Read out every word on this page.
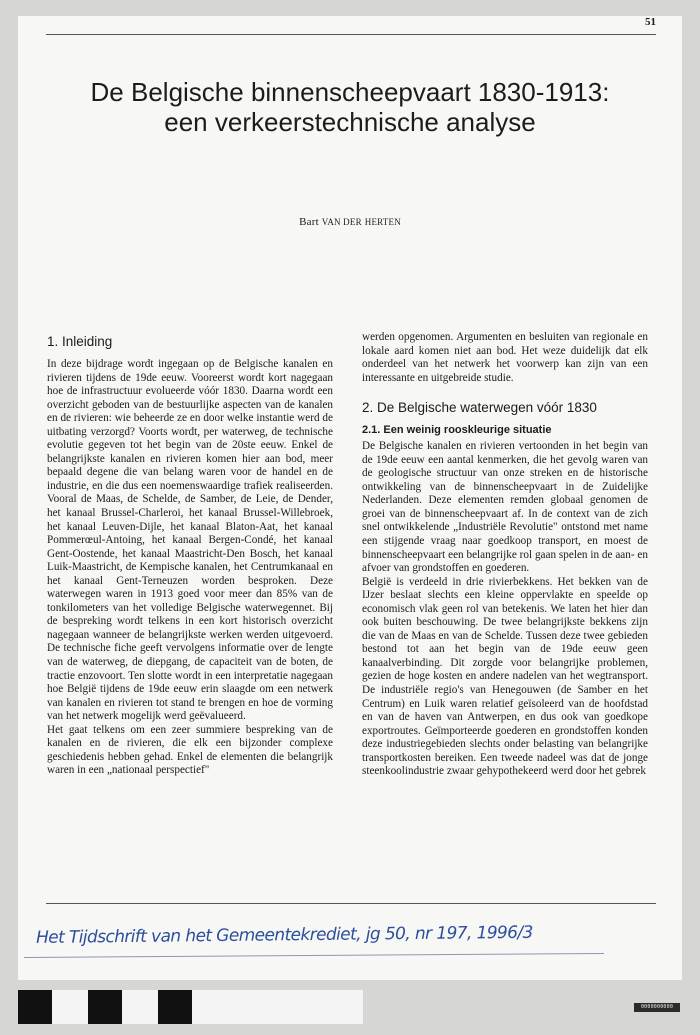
51
De Belgische binnenscheepvaart 1830-1913:
een verkeerstechnische analyse
Bart VAN DER HERTEN
1. Inleiding

In deze bijdrage wordt ingegaan op de Belgische kanalen en rivieren tijdens de 19de eeuw. Vooreerst wordt kort nagegaan hoe de infrastructuur evolueerde vóór 1830. Daarna wordt een overzicht geboden van de bestuurlijke aspecten van de kanalen en de rivieren: wie beheerde ze en door welke instantie werd de uitbating verzorgd? Voorts wordt, per waterweg, de technische evolutie gegeven tot het begin van de 20ste eeuw. Enkel de belangrijkste kanalen en rivieren komen hier aan bod, meer bepaald degene die van belang waren voor de handel en de industrie, en die dus een noemenswaardige trafiek realiseerden. Vooral de Maas, de Schelde, de Samber, de Leie, de Dender, het kanaal Brussel-Charleroi, het kanaal Brussel-Willebroek, het kanaal Leuven-Dijle, het kanaal Blaton-Aat, het kanaal Pommerœul-Antoing, het kanaal Bergen-Condé, het kanaal Gent-Oostende, het kanaal Maastricht-Den Bosch, het kanaal Luik-Maastricht, de Kempische kanalen, het Centrumkanaal en het kanaal Gent-Terneuzen worden besproken. Deze waterwegen waren in 1913 goed voor meer dan 85% van de tonkilometers van het volledige Belgische waterwegennet. Bij de bespreking wordt telkens in een kort historisch overzicht nagegaan wanneer de belangrijkste werken werden uitgevoerd. De technische fiche geeft vervolgens informatie over de lengte van de waterweg, de diepgang, de capaciteit van de boten, de tractie enzovoort. Ten slotte wordt in een interpretatie nagegaan hoe België tijdens de 19de eeuw erin slaagde om een netwerk van kanalen en rivieren tot stand te brengen en hoe de vorming van het netwerk mogelijk werd geëvalueerd.

Het gaat telkens om een zeer summiere bespreking van de kanalen en de rivieren, die elk een bijzonder complexe geschiedenis hebben gehad. Enkel de elementen die belangrijk waren in een „nationaal perspectief"

werden opgenomen. Argumenten en besluiten van regionale en lokale aard komen niet aan bod. Het weze duidelijk dat elk onderdeel van het netwerk het voorwerp kan zijn van een interessante en uitgebreide studie.

2. De Belgische waterwegen vóór 1830
2.1. Een weinig rooskleurige situatie

De Belgische kanalen en rivieren vertoonden in het begin van de 19de eeuw een aantal kenmerken, die het gevolg waren van de geologische structuur van onze streken en de historische ontwikkeling van de binnenscheepvaart in de Zuidelijke Nederlanden. Deze elementen remden globaal genomen de groei van de binnenscheepvaart af. In de context van de zich snel ontwikkelende „Industriële Revolutie" ontstond met name een stijgende vraag naar goedkoop transport, en moest de binnenscheepvaart een belangrijke rol gaan spelen in de aan- en afvoer van grondstoffen en goederen.

België is verdeeld in drie rivierbekkens. Het bekken van de IJzer beslaat slechts een kleine oppervlakte en speelde op economisch vlak geen rol van betekenis. We laten het hier dan ook buiten beschouwing. De twee belangrijkste bekkens zijn die van de Maas en van de Schelde. Tussen deze twee gebieden bestond tot aan het begin van de 19de eeuw geen kanaalverbinding. Dit zorgde voor belangrijke problemen, gezien de hoge kosten en andere nadelen van het wegtransport. De industriële regio's van Henegouwen (de Samber en het Centrum) en Luik waren relatief geïsoleerd van de hoofdstad en van de haven van Antwerpen, en dus ook van goedkope exportroutes. Geïmporteerde goederen en grondstoffen konden deze industriegebieden slechts onder belasting van belangrijke transportkosten bereiken. Een tweede nadeel was dat de jonge steenkoolindustrie zwaar gehypothekeerd werd door het gebrek

Het Tijdschrift van het Gemeentekrediet, jg 50, nr 197, 1996/3
0000000000
